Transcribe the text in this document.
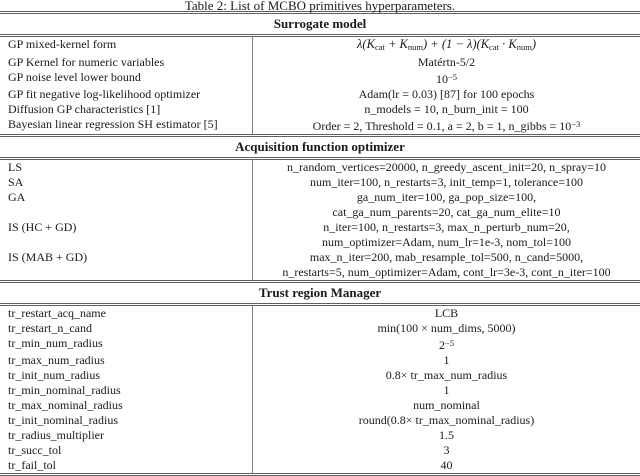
Table 2: List of MCBO primitives hyperparameters.
Surrogate model
GP mixed-kernel form	$\lambda(K_{cat} + K_{num}) + (1 - \lambda)(K_{cat} \cdot K_{num})$
GP Kernel for numeric variables	Matértn-5/2
GP noise level lower bound	$10^{-5}$
GP fit negative log-likelihood optimizer	Adam(lr = 0.03) [87] for 100 epochs
Diffusion GP characteristics [1]	n_models = 10, n_burn_init = 100
Bayesian linear regression SH estimator [5]	Order = 2, Threshold = 0.1, a = 2, b = 1, n_gibbs = $10^{-3}$
Acquisition function optimizer
LS	n_random_vertices=20000, n_greedy_ascent_init=20, n_spray=10
SA	num_iter=100, n_restarts=3, init_temp=1, tolerance=100
GA	ga_num_iter=100, ga_pop_size=100,
cat_ga_num_parents=20, cat_ga_num_elite=10
IS (HC + GD)	n_iter=100, n_restarts=3, max_n_perturb_num=20,
num_optimizer=Adam, num_lr=1e-3, nom_tol=100
IS (MAB + GD)	max_n_iter=200, mab_resample_tol=500, n_cand=5000,
n_restarts=5, num_optimizer=Adam, cont_lr=3e-3, cont_n_iter=100
Trust region Manager
tr_restart_acq_name	LCB
tr_restart_n_cand	min(100 × num_dims, 5000)
tr_min_num_radius	$2^{-5}$
tr_max_num_radius	1
tr_init_num_radius	0.8× tr_max_num_radius
tr_min_nominal_radius	1
tr_max_nominal_radius	num_nominal
tr_init_nominal_radius	round(0.8× tr_max_nominal_radius)
tr_radius_multiplier	1.5
tr_succ_tol	3
tr_fail_tol	40
